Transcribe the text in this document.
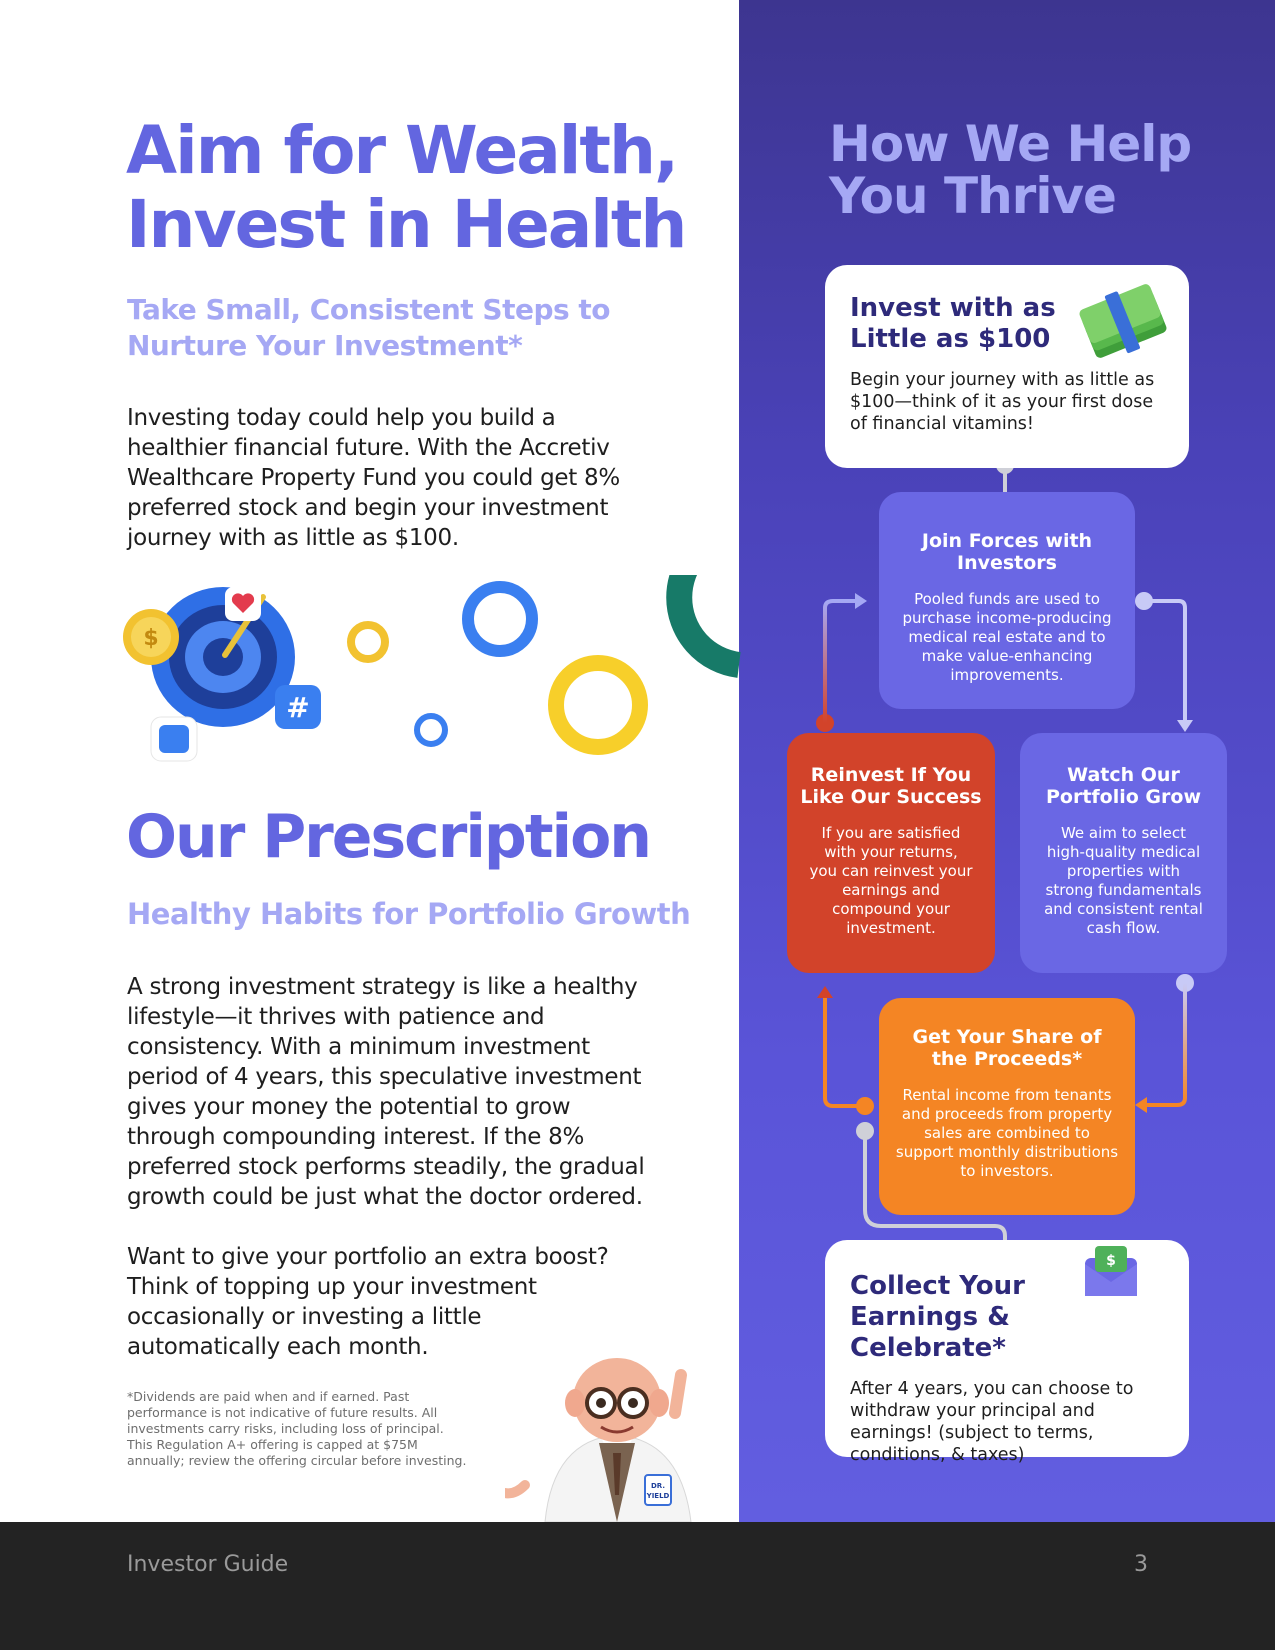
Aim for Wealth,
Invest in Health
Take Small, Consistent Steps to
Nurture Your Investment*
Investing today could help you build a
healthier financial future. With the Accretiv
Wealthcare Property Fund you could get 8%
preferred stock and begin your investment
journey with as little as $100.
$
#
Our Prescription
Healthy Habits for Portfolio Growth
A strong investment strategy is like a healthy
lifestyle—it thrives with patience and
consistency. With a minimum investment
period of 4 years, this speculative investment
gives your money the potential to grow
through compounding interest. If the 8%
preferred stock performs steadily, the gradual
growth could be just what the doctor ordered.
Want to give your portfolio an extra boost?
Think of topping up your investment
occasionally or investing a little
automatically each month.
*Dividends are paid when and if earned. Past
performance is not indicative of future results. All
investments carry risks, including loss of principal.
This Regulation A+ offering is capped at $75M
annually; review the offering circular before investing.
DR.
YIELD
How We Help
You Thrive
Invest with as
Little as $100
Begin your journey with as little as
$100—think of it as your first dose
of financial vitamins!
Join Forces with
Investors
Pooled funds are used to
purchase income-producing
medical real estate and to
make value-enhancing
improvements.
Reinvest If You
Like Our Success
If you are satisfied
with your returns,
you can reinvest your
earnings and
compound your
investment.
Watch Our
Portfolio Grow
We aim to select
high-quality medical
properties with
strong fundamentals
and consistent rental
cash flow.
Get Your Share of
the Proceeds*
Rental income from tenants
and proceeds from property
sales are combined to
support monthly distributions
to investors.
Collect Your
Earnings & Celebrate*
After 4 years, you can choose to
withdraw your principal and
earnings! (subject to terms,
conditions, & taxes)
$
Investor Guide	3
